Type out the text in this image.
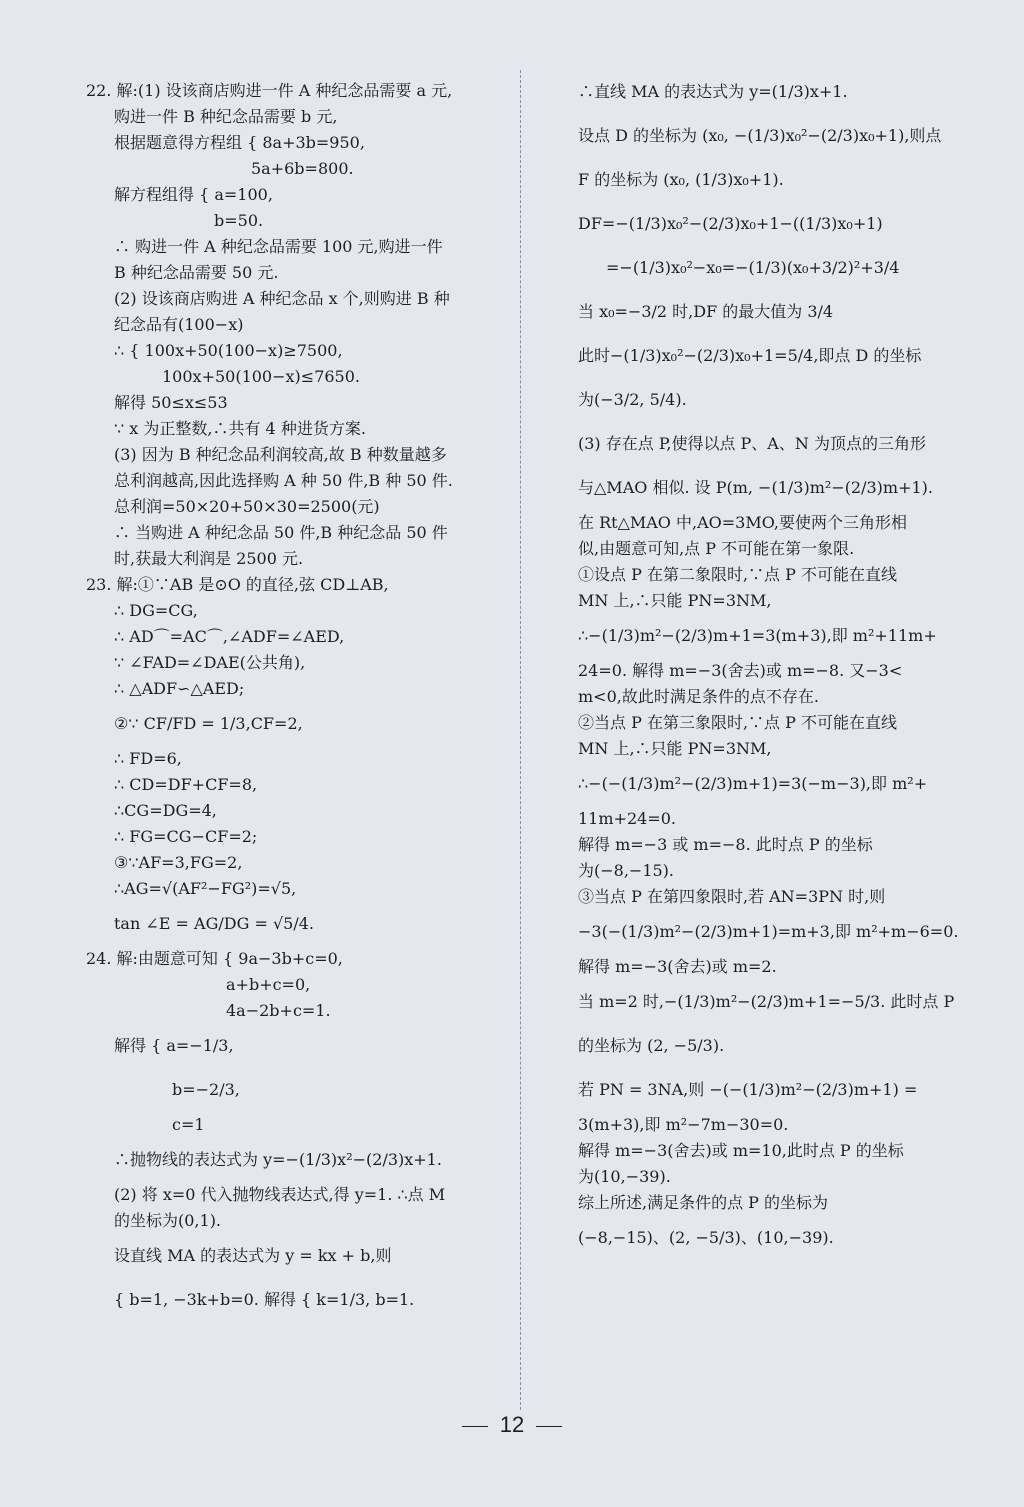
22. 解:(1) 设该商店购进一件 A 种纪念品需要 a 元,
购进一件 B 种纪念品需要 b 元,
根据题意得方程组 { 8a+3b=950,
5a+6b=800.
解方程组得 { a=100,
b=50.
∴ 购进一件 A 种纪念品需要 100 元,购进一件
B 种纪念品需要 50 元.
(2) 设该商店购进 A 种纪念品 x 个,则购进 B 种
纪念品有(100−x)
∴ { 100x+50(100−x)≥7500,
100x+50(100−x)≤7650.
解得 50≤x≤53
∵ x 为正整数,∴共有 4 种进货方案.
(3) 因为 B 种纪念品利润较高,故 B 种数量越多
总利润越高,因此选择购 A 种 50 件,B 种 50 件.
总利润=50×20+50×30=2500(元)
∴ 当购进 A 种纪念品 50 件,B 种纪念品 50 件
时,获最大利润是 2500 元.
23. 解:①∵AB 是⊙O 的直径,弦 CD⊥AB,
∴ DG=CG,
∴ AD⌒=AC⌒,∠ADF=∠AED,
∵ ∠FAD=∠DAE(公共角),
∴ △ADF∽△AED;
②∵ CF/FD = 1/3,CF=2,
∴ FD=6,
∴ CD=DF+CF=8,
∴CG=DG=4,
∴ FG=CG−CF=2;
③∵AF=3,FG=2,
∴AG=√(AF²−FG²)=√5,
tan ∠E = AG/DG = √5/4.
24. 解:由题意可知 { 9a−3b+c=0,
a+b+c=0,
4a−2b+c=1.
解得 { a=−1/3,
b=−2/3,
c=1
∴抛物线的表达式为 y=−(1/3)x²−(2/3)x+1.
(2) 将 x=0 代入抛物线表达式,得 y=1. ∴点 M
的坐标为(0,1).
设直线 MA 的表达式为 y = kx + b,则
{ b=1, −3k+b=0. 解得 { k=1/3, b=1.
∴直线 MA 的表达式为 y=(1/3)x+1.
设点 D 的坐标为 (x₀, −(1/3)x₀²−(2/3)x₀+1),则点
F 的坐标为 (x₀, (1/3)x₀+1).
DF=−(1/3)x₀²−(2/3)x₀+1−((1/3)x₀+1)
=−(1/3)x₀²−x₀=−(1/3)(x₀+3/2)²+3/4
当 x₀=−3/2 时,DF 的最大值为 3/4
此时−(1/3)x₀²−(2/3)x₀+1=5/4,即点 D 的坐标
为(−3/2, 5/4).
(3) 存在点 P,使得以点 P、A、N 为顶点的三角形
与△MAO 相似. 设 P(m, −(1/3)m²−(2/3)m+1).
在 Rt△MAO 中,AO=3MO,要使两个三角形相
似,由题意可知,点 P 不可能在第一象限.
①设点 P 在第二象限时,∵点 P 不可能在直线
MN 上,∴只能 PN=3NM,
∴−(1/3)m²−(2/3)m+1=3(m+3),即 m²+11m+
24=0. 解得 m=−3(舍去)或 m=−8. 又−3<
m<0,故此时满足条件的点不存在.
②当点 P 在第三象限时,∵点 P 不可能在直线
MN 上,∴只能 PN=3NM,
∴−(−(1/3)m²−(2/3)m+1)=3(−m−3),即 m²+
11m+24=0.
解得 m=−3 或 m=−8. 此时点 P 的坐标
为(−8,−15).
③当点 P 在第四象限时,若 AN=3PN 时,则
−3(−(1/3)m²−(2/3)m+1)=m+3,即 m²+m−6=0.
解得 m=−3(舍去)或 m=2.
当 m=2 时,−(1/3)m²−(2/3)m+1=−5/3. 此时点 P
的坐标为 (2, −5/3).
若 PN = 3NA,则 −(−(1/3)m²−(2/3)m+1) =
3(m+3),即 m²−7m−30=0.
解得 m=−3(舍去)或 m=10,此时点 P 的坐标
为(10,−39).
综上所述,满足条件的点 P 的坐标为
(−8,−15)、(2, −5/3)、(10,−39).
12
